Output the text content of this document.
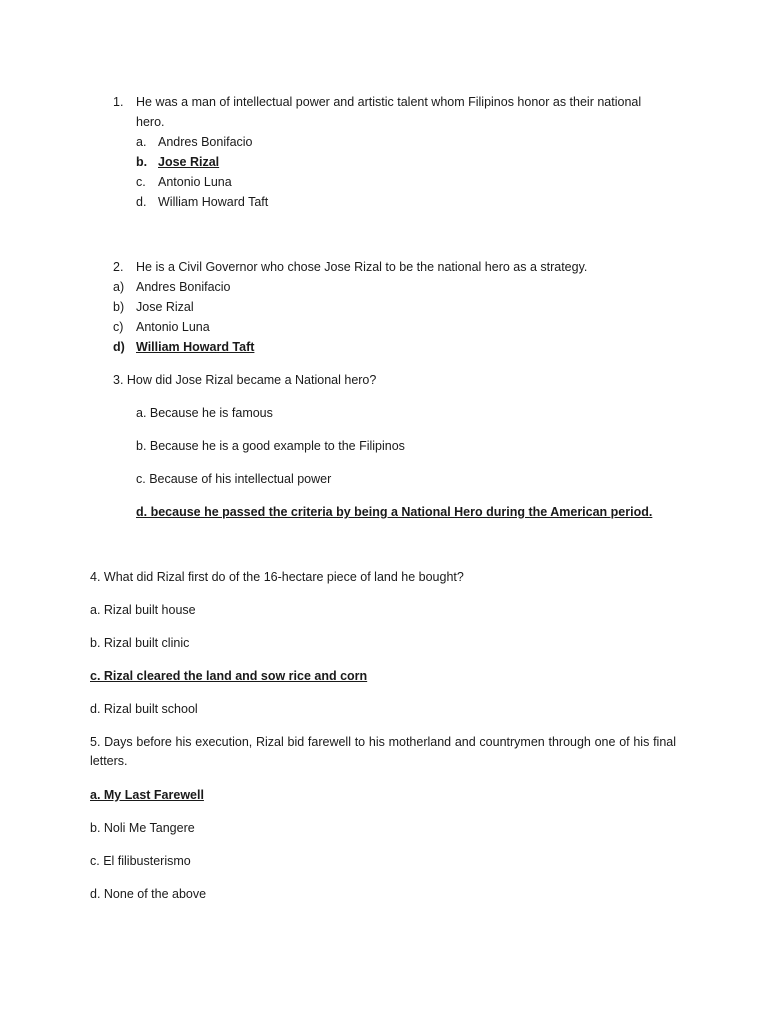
1. He was a man of intellectual power and artistic talent whom Filipinos honor as their national
hero.
a. Andres Bonifacio
b. Jose Rizal
c. Antonio Luna
d. William Howard Taft
2. He is a Civil Governor who chose Jose Rizal to be the national hero as a strategy.
a) Andres Bonifacio
b) Jose Rizal
c) Antonio Luna
d) William Howard Taft
3. How did Jose Rizal became a National hero?
a. Because he is famous
b. Because he is a good example to the Filipinos
c. Because of his intellectual power
d. because he passed the criteria by being a National Hero during the American period.
4. What did Rizal first do of the 16-hectare piece of land he bought?
a. Rizal built house
b. Rizal built clinic
c. Rizal cleared the land and sow rice and corn
d. Rizal built school
5. Days before his execution, Rizal bid farewell to his motherland and countrymen through one of his final letters.
a. My Last Farewell
b. Noli Me Tangere
c. El filibusterismo
d. None of the above
